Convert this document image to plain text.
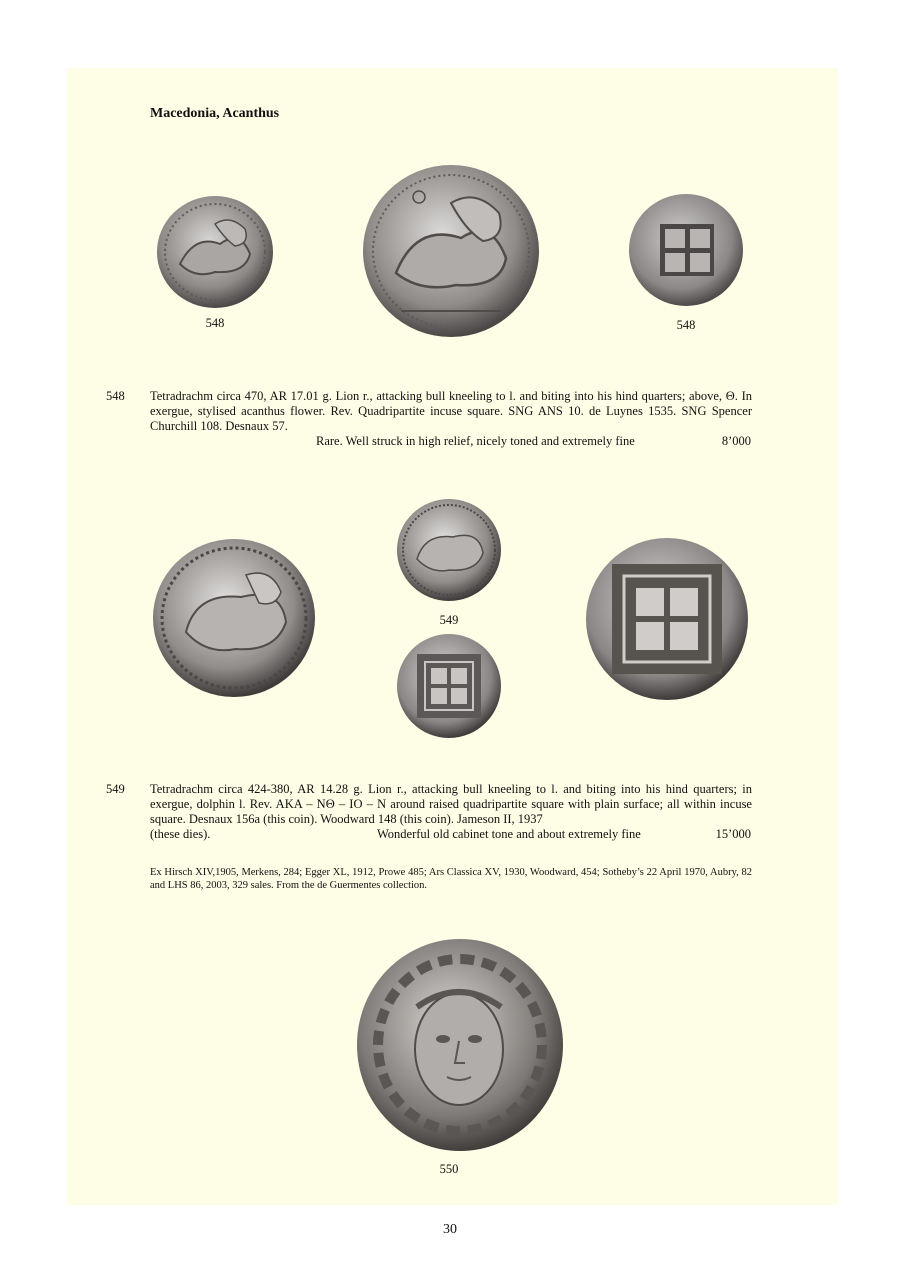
Macedonia, Acanthus
548	548
548 Tetradrachm circa 470, AR 17.01 g. Lion r., attacking bull kneeling to l. and biting into his hind quarters; above, Θ. In exergue, stylised acanthus flower. Rev. Quadripartite incuse square. SNG ANS 10. de Luynes 1535. SNG Spencer Churchill 108. Desnaux 57.
Rare. Well struck in high relief, nicely toned and extremely fine	8’000
549
549 Tetradrachm circa 424-380, AR 14.28 g. Lion r., attacking bull kneeling to l. and biting into his hind quarters; in exergue, dolphin l. Rev. AKA – NΘ – IO – N around raised quadripartite square with plain surface; all within incuse square. Desnaux 156a (this coin). Woodward 148 (this coin). Jameson II, 1937
(these dies).	Wonderful old cabinet tone and about extremely fine	15’000
Ex Hirsch XIV,1905, Merkens, 284; Egger XL, 1912, Prowe 485; Ars Classica XV, 1930, Woodward, 454; Sotheby’s 22 April 1970, Aubry, 82 and LHS 86, 2003, 329 sales. From the de Guermentes collection.
550
30
